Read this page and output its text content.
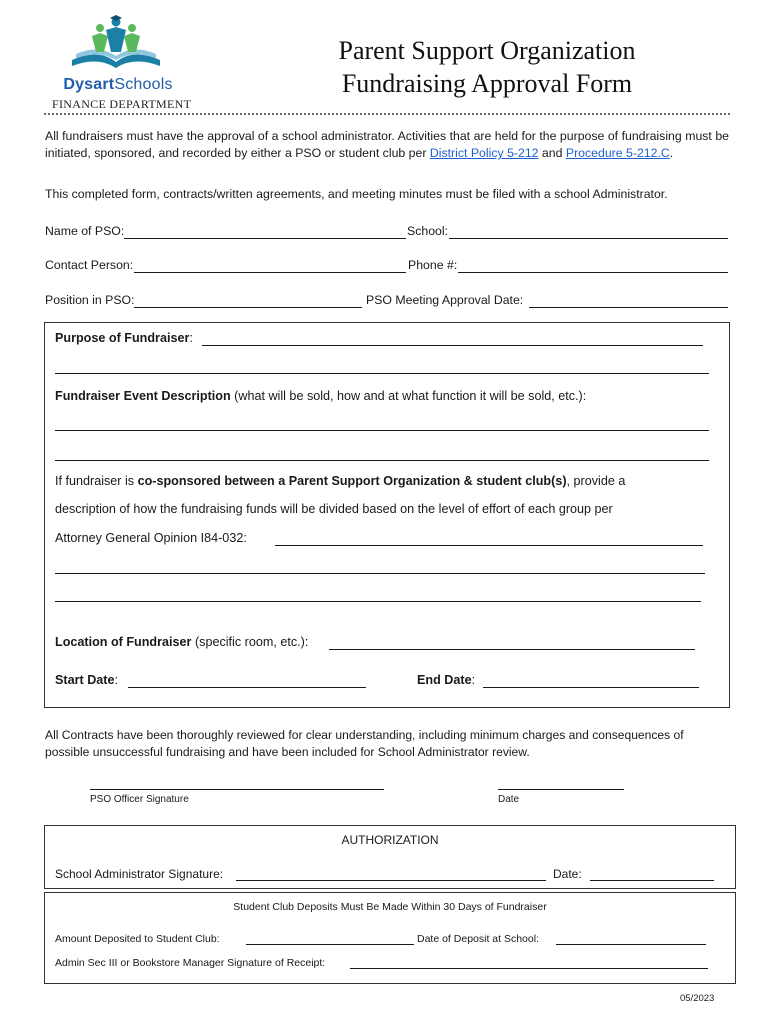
DysartSchools
FINANCE DEPARTMENT
Parent Support Organization
Fundraising Approval Form
All fundraisers must have the approval of a school administrator. Activities that are held for the purpose of fundraising must be initiated, sponsored, and recorded by either a PSO or student club per District Policy 5-212 and Procedure 5-212.C.
This completed form, contracts/written agreements, and meeting minutes must be filed with a school Administrator.
Name of PSO:	School:
Contact Person:	Phone #:
Position in PSO:	PSO Meeting Approval Date:
Purpose of Fundraiser:
Fundraiser Event Description (what will be sold, how and at what function it will be sold, etc.):
If fundraiser is co-sponsored between a Parent Support Organization & student club(s), provide a
description of how the fundraising funds will be divided based on the level of effort of each group per
Attorney General Opinion I84-032:
Location of Fundraiser (specific room, etc.):
Start Date:	End Date:
All Contracts have been thoroughly reviewed for clear understanding, including minimum charges and consequences of possible unsuccessful fundraising and have been included for School Administrator review.
PSO Officer Signature	Date
AUTHORIZATION
School Administrator Signature:	Date:
Student Club Deposits Must Be Made Within 30 Days of Fundraiser
Amount Deposited to Student Club:	Date of Deposit at School:
Admin Sec III or Bookstore Manager Signature of Receipt:
05/2023
